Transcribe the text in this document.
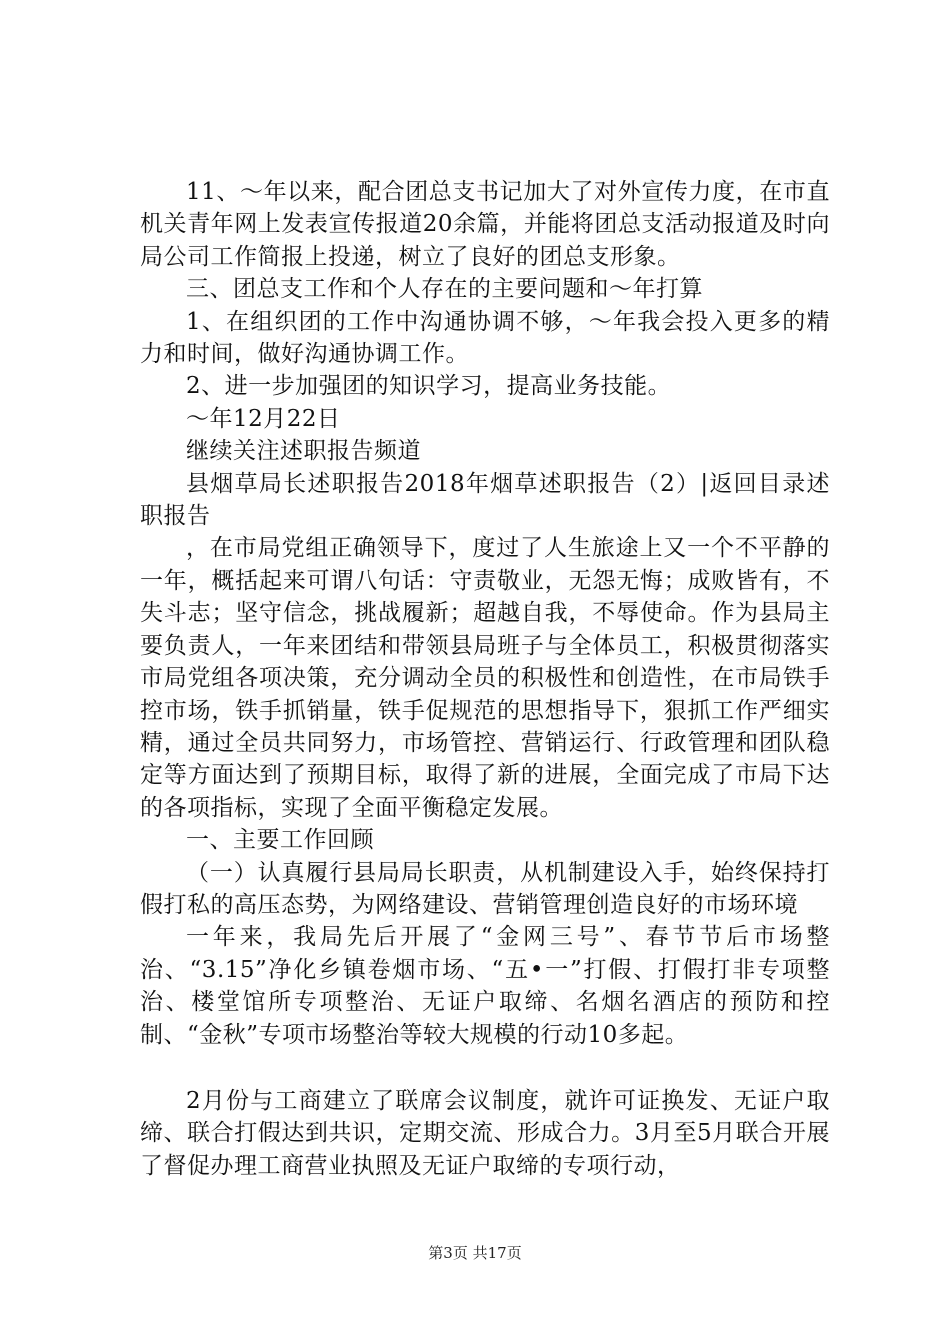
11、～年以来，配合团总支书记加大了对外宣传力度，在市直机关青年网上发表宣传报道20余篇，并能将团总支活动报道及时向局公司工作简报上投递，树立了良好的团总支形象。

三、团总支工作和个人存在的主要问题和～年打算

1、在组织团的工作中沟通协调不够，～年我会投入更多的精力和时间，做好沟通协调工作。

2、进一步加强团的知识学习，提高业务技能。

～年12月22日

继续关注述职报告频道

县烟草局长述职报告2018年烟草述职报告（2）|返回目录述职报告

，在市局党组正确领导下，度过了人生旅途上又一个不平静的一年，概括起来可谓八句话：守责敬业，无怨无悔；成败皆有，不失斗志；坚守信念，挑战履新；超越自我，不辱使命。作为县局主要负责人，一年来团结和带领县局班子与全体员工，积极贯彻落实市局党组各项决策，充分调动全员的积极性和创造性，在市局铁手控市场，铁手抓销量，铁手促规范的思想指导下，狠抓工作严细实精，通过全员共同努力，市场管控、营销运行、行政管理和团队稳定等方面达到了预期目标，取得了新的进展，全面完成了市局下达的各项指标，实现了全面平衡稳定发展。

一、主要工作回顾

（一）认真履行县局局长职责，从机制建设入手，始终保持打假打私的高压态势，为网络建设、营销管理创造良好的市场环境

一年来，我局先后开展了“金网三号”、春节节后市场整治、“3.15”净化乡镇卷烟市场、“五•一”打假、打假打非专项整治、楼堂馆所专项整治、无证户取缔、名烟名酒店的预防和控制、“金秋”专项市场整治等较大规模的行动10多起。

2月份与工商建立了联席会议制度，就许可证换发、无证户取缔、联合打假达到共识，定期交流、形成合力。3月至5月联合开展了督促办理工商营业执照及无证户取缔的专项行动，

第3页 共17页
